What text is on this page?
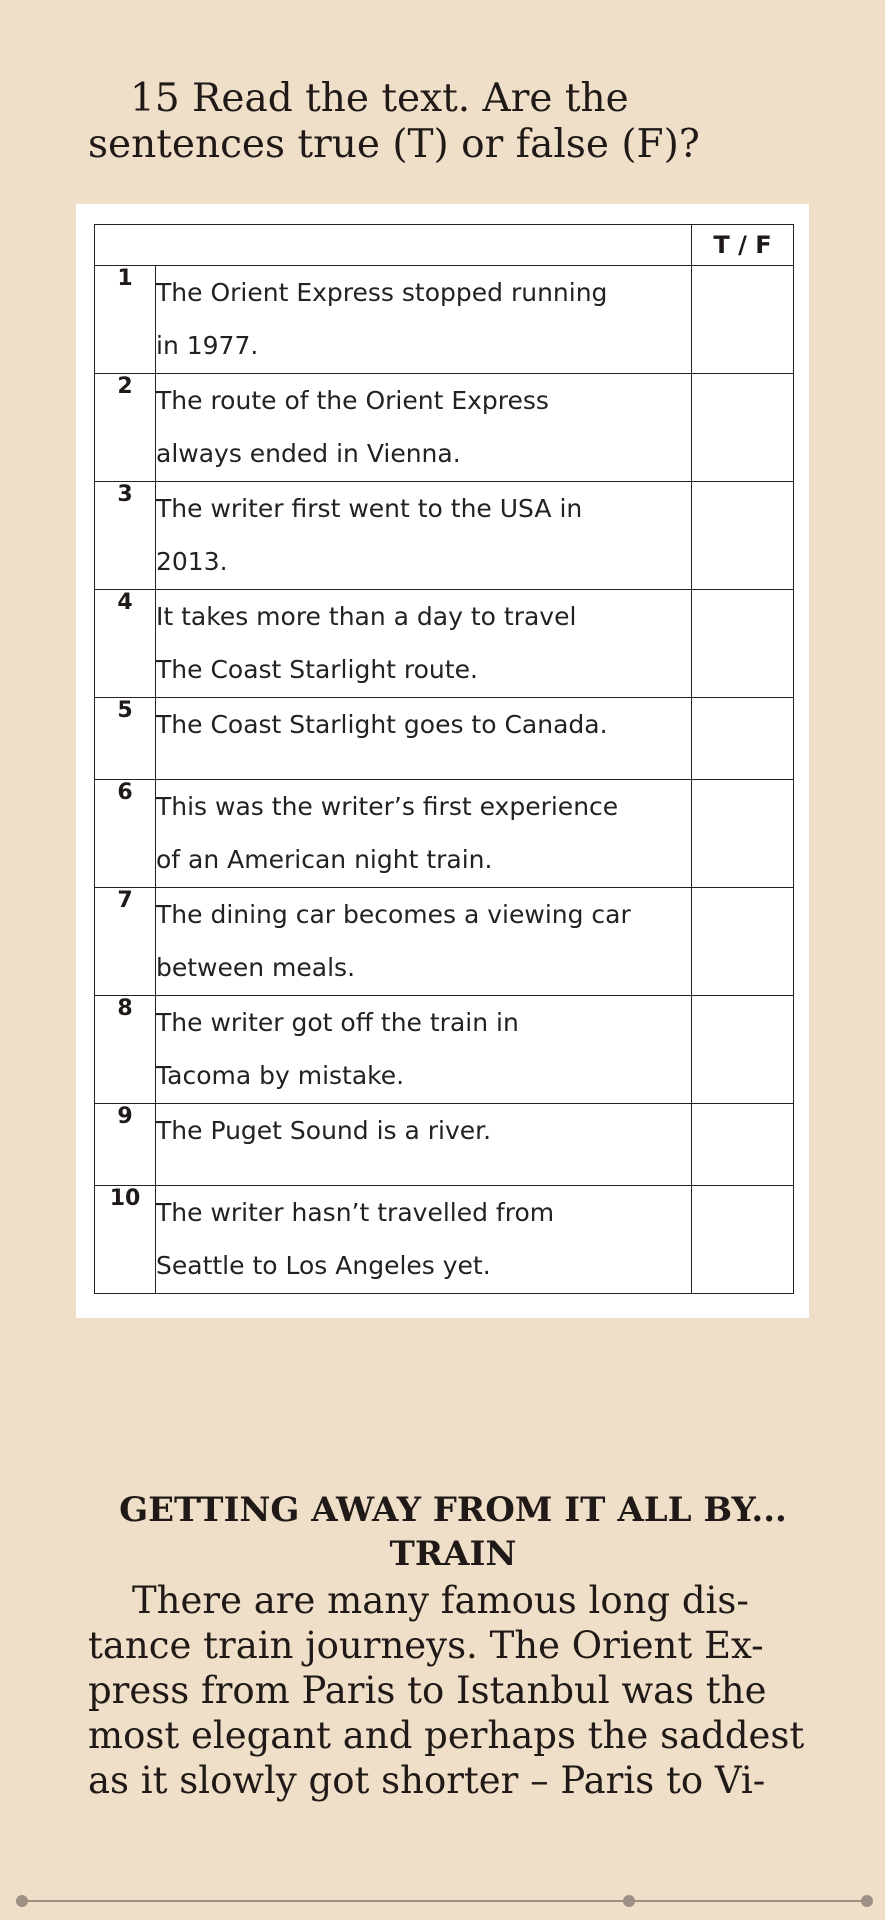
15 Read the text. Are the sentences true (T) or false (F)?
		T / F
1	The Orient Express stopped running
in 1977.	
2	The route of the Orient Express
always ended in Vienna.	
3	The writer first went to the USA in
2013.	
4	It takes more than a day to travel
The Coast Starlight route.	
5	The Coast Starlight goes to Canada.	
6	This was the writer’s first experience
of an American night train.	
7	The dining car becomes a viewing car
between meals.	
8	The writer got off the train in
Tacoma by mistake.	
9	The Puget Sound is a river.	
10	The writer hasn’t travelled from
Seattle to Los Angeles yet.	
GETTING AWAY FROM IT ALL BY...
TRAIN
There are many famous long dis- tance train journeys. The Orient Ex- press from Paris to Istanbul was the most elegant and perhaps the saddest as it slowly got shorter – Paris to Vi-
